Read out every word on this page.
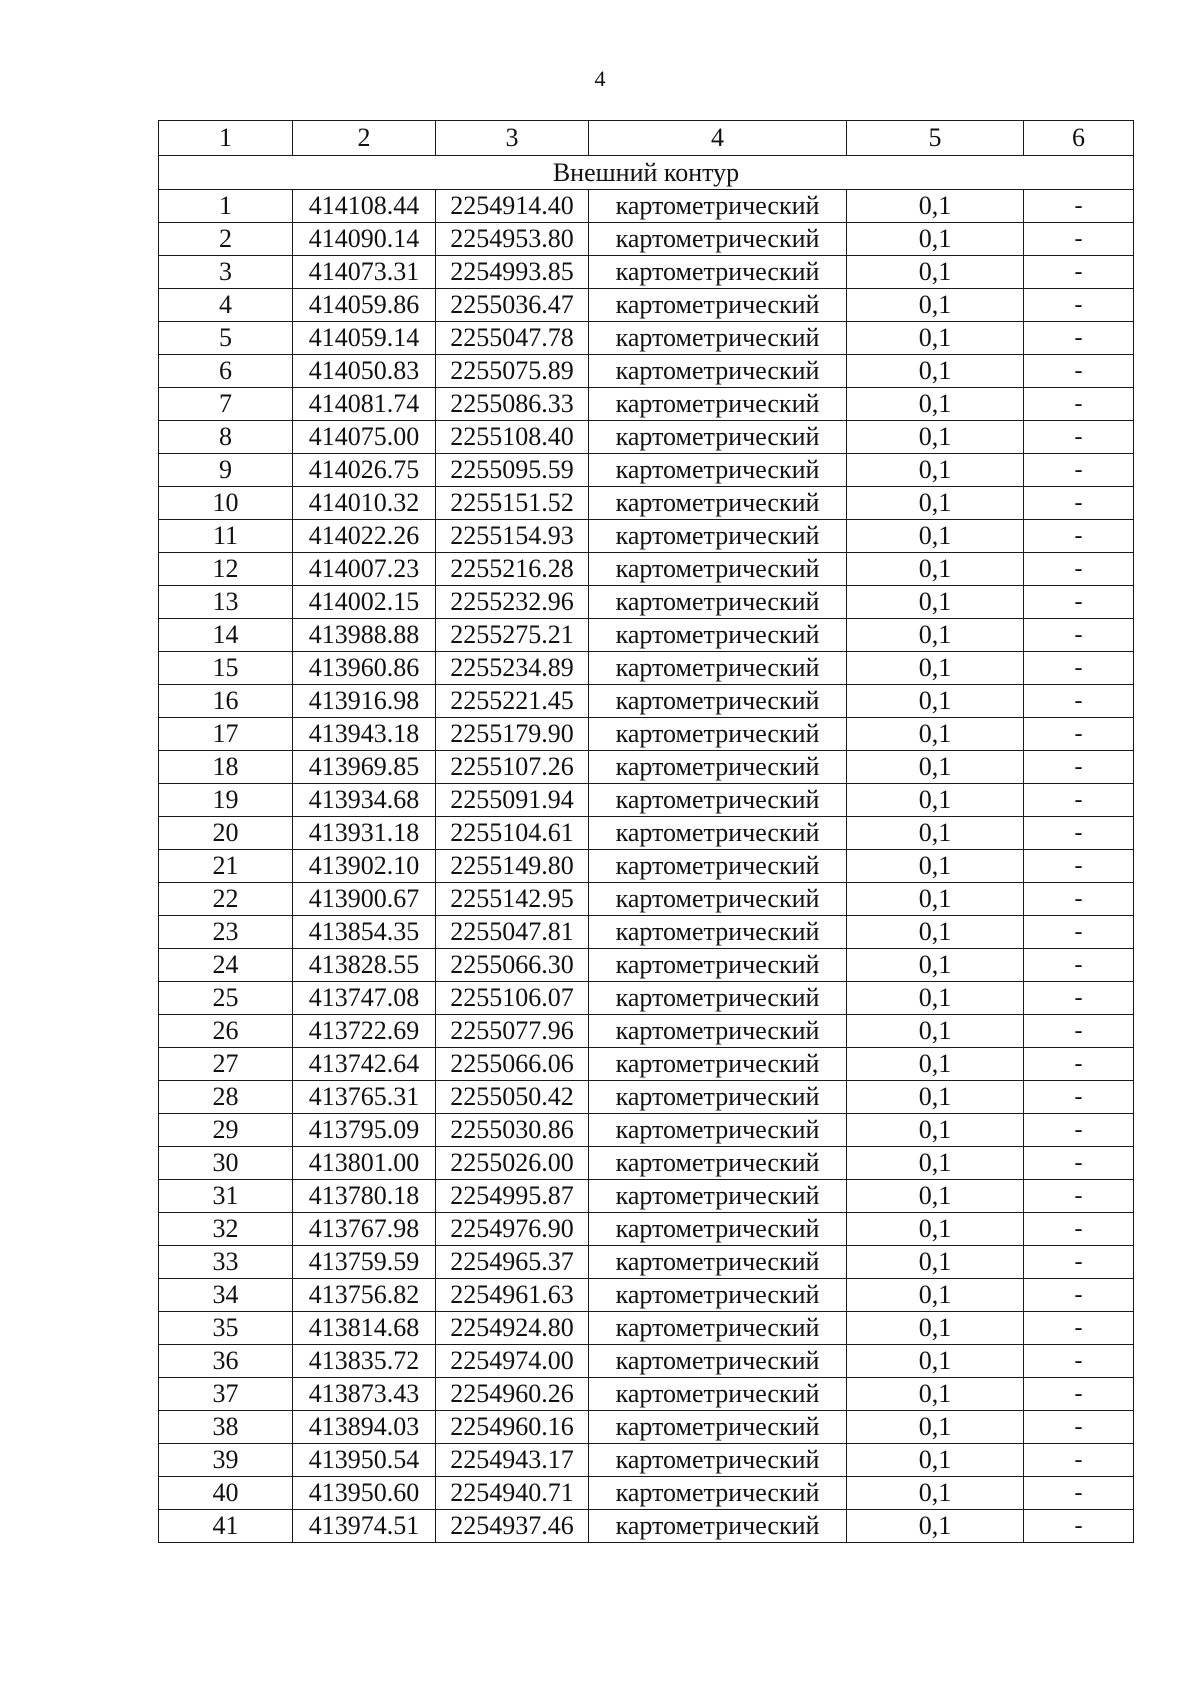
4
1	2	3	4	5	6
Внешний контур					
1	414108.44	2254914.40	картометрический	0,1	-
2	414090.14	2254953.80	картометрический	0,1	-
3	414073.31	2254993.85	картометрический	0,1	-
4	414059.86	2255036.47	картометрический	0,1	-
5	414059.14	2255047.78	картометрический	0,1	-
6	414050.83	2255075.89	картометрический	0,1	-
7	414081.74	2255086.33	картометрический	0,1	-
8	414075.00	2255108.40	картометрический	0,1	-
9	414026.75	2255095.59	картометрический	0,1	-
10	414010.32	2255151.52	картометрический	0,1	-
11	414022.26	2255154.93	картометрический	0,1	-
12	414007.23	2255216.28	картометрический	0,1	-
13	414002.15	2255232.96	картометрический	0,1	-
14	413988.88	2255275.21	картометрический	0,1	-
15	413960.86	2255234.89	картометрический	0,1	-
16	413916.98	2255221.45	картометрический	0,1	-
17	413943.18	2255179.90	картометрический	0,1	-
18	413969.85	2255107.26	картометрический	0,1	-
19	413934.68	2255091.94	картометрический	0,1	-
20	413931.18	2255104.61	картометрический	0,1	-
21	413902.10	2255149.80	картометрический	0,1	-
22	413900.67	2255142.95	картометрический	0,1	-
23	413854.35	2255047.81	картометрический	0,1	-
24	413828.55	2255066.30	картометрический	0,1	-
25	413747.08	2255106.07	картометрический	0,1	-
26	413722.69	2255077.96	картометрический	0,1	-
27	413742.64	2255066.06	картометрический	0,1	-
28	413765.31	2255050.42	картометрический	0,1	-
29	413795.09	2255030.86	картометрический	0,1	-
30	413801.00	2255026.00	картометрический	0,1	-
31	413780.18	2254995.87	картометрический	0,1	-
32	413767.98	2254976.90	картометрический	0,1	-
33	413759.59	2254965.37	картометрический	0,1	-
34	413756.82	2254961.63	картометрический	0,1	-
35	413814.68	2254924.80	картометрический	0,1	-
36	413835.72	2254974.00	картометрический	0,1	-
37	413873.43	2254960.26	картометрический	0,1	-
38	413894.03	2254960.16	картометрический	0,1	-
39	413950.54	2254943.17	картометрический	0,1	-
40	413950.60	2254940.71	картометрический	0,1	-
41	413974.51	2254937.46	картометрический	0,1	-
